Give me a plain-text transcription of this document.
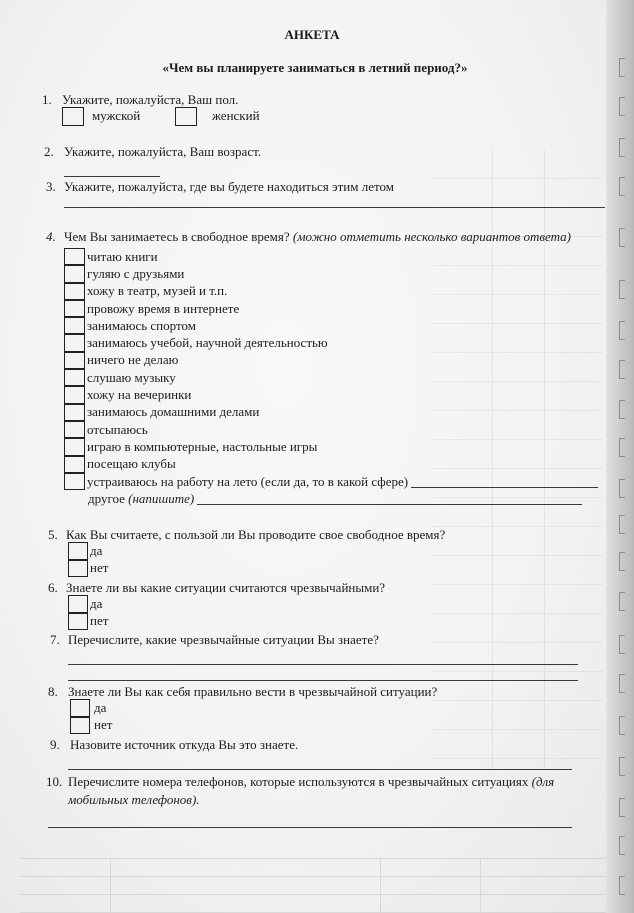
АНКЕТА
«Чем вы планируете заниматься в летний период?»
1. Укажите, пожалуйста, Ваш пол.
мужской	женский
2. Укажите, пожалуйста, Ваш возраст.
3. Укажите, пожалуйста, где вы будете находиться этим летом
4. Чем Вы занимаетесь в свободное время? (можно отметить несколько вариантов ответа)
читаю книги
гуляю с друзьями
хожу в театр, музей и т.п.
провожу время в интернете
занимаюсь спортом
занимаюсь учебой, научной деятельностью
ничего не делаю
слушаю музыку
хожу на вечеринки
занимаюсь домашними делами
отсыпаюсь
играю в компьютерные, настольные игры
посещаю клубы
устраиваюсь на работу на лето (если да, то в какой сфере)
другое (напишите)
5. Как Вы считаете, с пользой ли Вы проводите свое свободное время?
да
нет
6. Знаете ли вы какие ситуации считаются чрезвычайными?
да
пет
7. Перечислите, какие чрезвычайные ситуации Вы знаете?
8. Знаете ли Вы как себя правильно вести в чрезвычайной ситуации?
да
нет
9. Назовите источник откуда Вы это знаете.
10. Перечислите номера телефонов, которые используются в чрезвычайных ситуациях (для мобильных телефонов).
